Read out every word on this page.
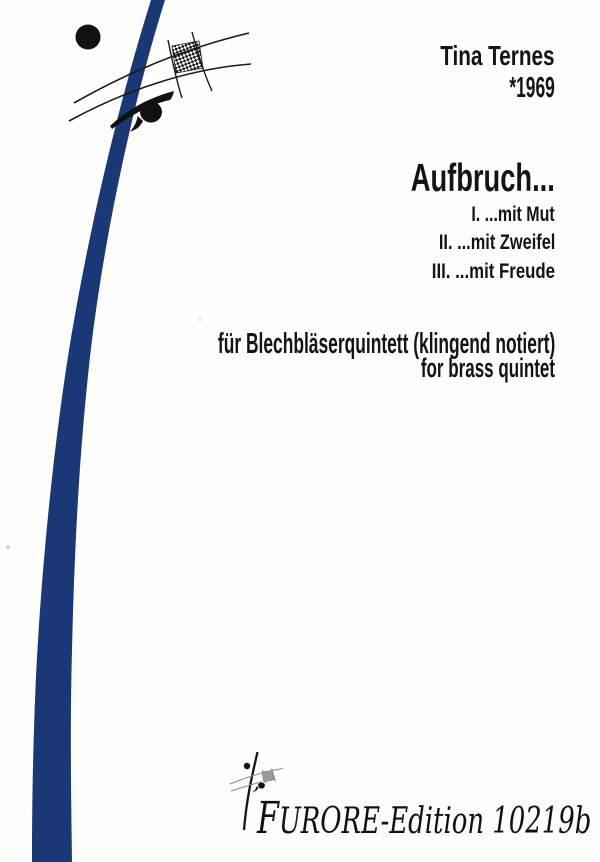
Tina Ternes
*1969
Aufbruch...
I. ...mit Mut
II. ...mit Zweifel
III. ...mit Freude
für Blechbläserquintett (klingend notiert)
for brass quintet
FURORE-Edition 10219b
